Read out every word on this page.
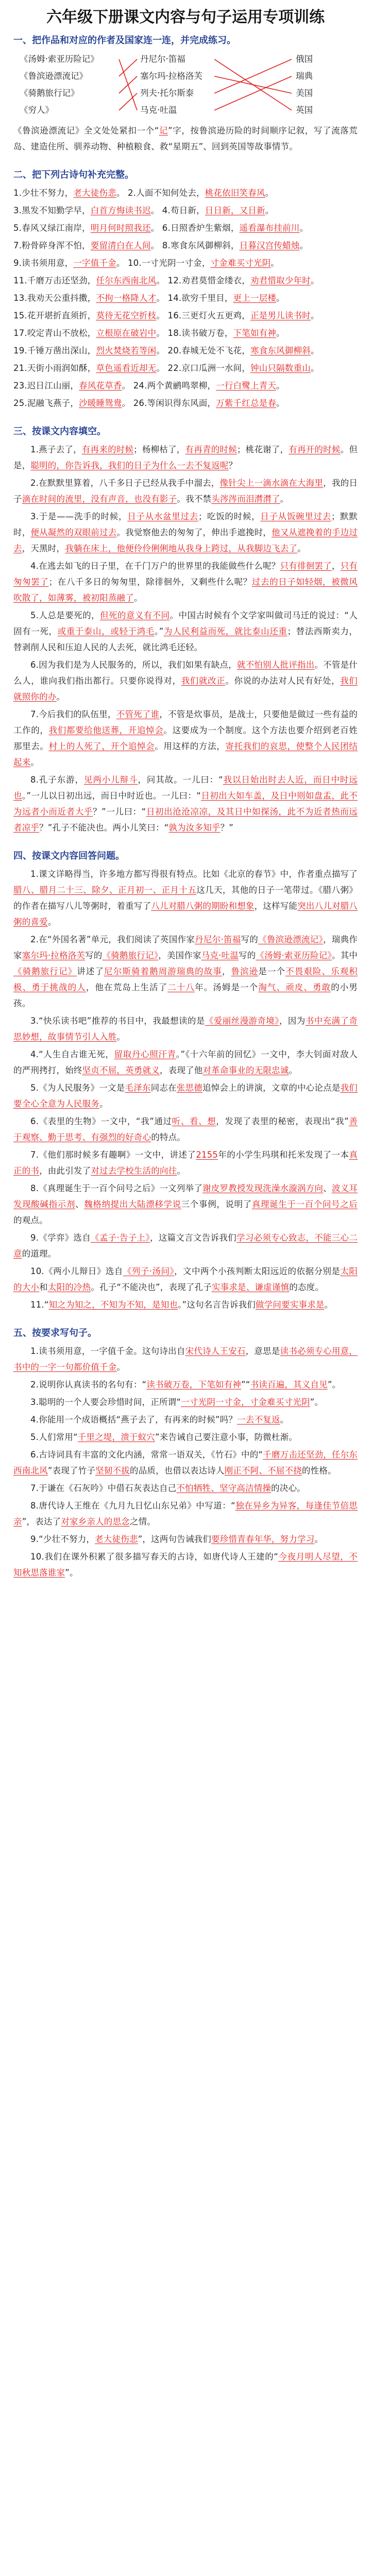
六年级下册课文内容与句子运用专项训练
一、把作品和对应的作者及国家连一连，并完成练习。
《汤姆·索亚历险记》
《鲁滨逊漂流记》
《骑鹅旅行记》
《穷人》
丹尼尔·笛福
塞尔玛·拉格洛芙
列夫·托尔斯泰
马克·吐温
俄国
瑞典
美国
英国

《鲁滨逊漂流记》全文处处紧扣一个“记”字，按鲁滨逊历险的时间顺序记叙，写了流落荒岛、建造住所、驯养动物、种植粮食、救“星期五”、回到英国等故事情节。

二、把下列古诗句补充完整。

1.少壮不努力，老大徒伤悲。 2.人面不知何处去，桃花依旧笑春风。

3.黑发不知勤学早，白首方悔读书迟。 4.苟日新，日日新，又日新。

5.春风又绿江南岸，明月何时照我还。 6.日照香炉生紫烟，遥看瀑布挂前川。

7.粉骨碎身浑不怕，要留清白在人间。 8.寒食东风御柳斜，日暮汉宫传蜡烛。

9.读书须用意，一字值千金。 10.一寸光阴一寸金，寸金难买寸光阴。

11.千磨万击还坚劲，任尔东西南北风。 12.劝君莫惜金缕衣，劝君惜取少年时。

13.我劝天公重抖擞，不拘一格降人才。 14.欲穷千里目，更上一层楼。

15.花开堪折直须折，莫待无花空折枝。 16.三更灯火五更鸡，正是男儿读书时。

17.咬定青山不放松，立根原在破岩中。 18.读书破万卷，下笔如有神。

19.千锤万凿出深山，烈火焚烧若等闲。 20.春城无处不飞花，寒食东风御柳斜。

21.天街小雨润如酥，草色遥看近却无。 22.京口瓜洲一水间，钟山只隔数重山。

23.迟日江山丽，春风花草香。 24.两个黄鹂鸣翠柳，一行白鹭上青天。

25.泥融飞燕子，沙暖睡鸳鸯。 26.等闲识得东风面，万紫千红总是春。

三、按课文内容填空。

1.燕子去了，有再来的时候；杨柳枯了，有再青的时候；桃花谢了，有再开的时候。但是，聪明的，你告诉我，我们的日子为什么一去不复返呢？

2.在默默里算着，八千多日子已经从我手中溜去，像针尖上一滴水滴在大海里，我的日子滴在时间的流里，没有声音，也没有影子。我不禁头涔涔而泪潸潸了。

3.于是——洗手的时候，日子从水盆里过去；吃饭的时候，日子从饭碗里过去；默默时，便从凝然的双眼前过去。我觉察他去的匆匆了，伸出手遮挽时，他又从遮挽着的手边过去，天黑时，我躺在床上，他便伶伶俐俐地从我身上跨过，从我脚边飞去了。

4.在逃去如飞的日子里，在千门万户的世界里的我能做些什么呢？只有徘徊罢了，只有匆匆罢了；在八千多日的匆匆里，除徘徊外，又剩些什么呢？过去的日子如轻烟，被微风吹散了，如薄雾，被初阳蒸融了。

5.人总是要死的，但死的意义有不同。中国古时候有个文学家叫做司马迁的说过：“人固有一死，或重于泰山，或轻于鸿毛。”为人民利益而死，就比泰山还重；替法西斯卖力，替剥削人民和压迫人民的人去死，就比鸿毛还轻。

6.因为我们是为人民服务的，所以，我们如果有缺点，就不怕别人批评指出。不管是什么人，谁向我们指出都行。只要你说得对，我们就改正。你说的办法对人民有好处，我们就照你的办。

7.今后我们的队伍里，不管死了谁，不管是炊事员，是战士，只要他是做过一些有益的工作的，我们都要给他送葬，开追悼会。这要成为一个制度。这个方法也要介绍到老百姓那里去。村上的人死了，开个追悼会。用这样的方法，寄托我们的哀思，使整个人民团结起来。

8.孔子东游，见两小儿辩斗，问其故。一儿曰：“我以日始出时去人近，而日中时远也。”一儿以日初出远，而日中时近也。一儿曰：“日初出大如车盖，及日中则如盘盂，此不为远者小而近者大乎？”一儿曰：“日初出沧沧凉凉，及其日中如探汤，此不为近者热而远者凉乎？”孔子不能决也。两小儿笑曰：“孰为汝多知乎？”

四、按课文内容回答问题。

1.课文详略得当，许多地方都写得很有特点。比如《北京的春节》中，作者重点描写了腊八、腊月二十三、除夕、正月初一、正月十五这几天，其他的日子一笔带过。《腊八粥》的作者在描写八儿等粥时，着重写了八儿对腊八粥的期盼和想象，这样写能突出八儿对腊八粥的喜爱。

2.在“外国名著”单元，我们阅读了英国作家丹尼尔·笛福写的《鲁滨逊漂流记》，瑞典作家塞尔玛·拉格洛芙写的《骑鹅旅行记》，美国作家马克·吐温写的《汤姆·索亚历险记》。其中《骑鹅旅行记》讲述了尼尔斯骑着鹅周游瑞典的故事，鲁滨逊是一个不畏艰险、乐观积极、勇于挑战的人，他在荒岛上生活了二十八年。汤姆是一个淘气、顽皮、勇敢的小男孩。

3.“快乐读书吧”推荐的书目中，我最想读的是《爱丽丝漫游奇境》，因为书中充满了奇思妙想，故事情节引人入胜。

4.“人生自古谁无死，留取丹心照汗青。”《十六年前的回忆》一文中，李大钊面对敌人的严刑拷打，始终坚贞不屈，英勇就义，表现了他对革命事业的无限忠诚。

5.《为人民服务》一文是毛泽东同志在张思德追悼会上的讲演，文章的中心论点是我们要全心全意为人民服务。

6.《表里的生物》一文中，“我”通过听、看、想，发现了表里的秘密，表现出“我”善于观察、勤于思考、有强烈的好奇心的特点。

7.《他们那时候多有趣啊》一文中，讲述了2155年的小学生玛琪和托米发现了一本真正的书，由此引发了对过去学校生活的向往。

8.《真理诞生于一百个问号之后》一文列举了谢皮罗教授发现洗澡水漩涡方向、波义耳发现酸碱指示剂、魏格纳提出大陆漂移学说三个事例，说明了真理诞生于一百个问号之后的观点。

9.《学弈》选自《孟子·告子上》，这篇文言文告诉我们学习必须专心致志，不能三心二意的道理。

10.《两小儿辩日》选自《列子·汤问》，文中两个小孩判断太阳远近的依据分别是太阳的大小和太阳的冷热。孔子“不能决也”，表现了孔子实事求是、谦虚谨慎的态度。

11.“知之为知之，不知为不知，是知也。”这句名言告诉我们做学问要实事求是。

五、按要求写句子。

1.读书须用意，一字值千金。这句诗出自宋代诗人王安石，意思是读书必须专心用意，书中的一字一句都价值千金。

2.说明你认真读书的名句有：“读书破万卷，下笔如有神”“书读百遍，其义自见”。

3.聪明的一个人要会珍惜时间，正所谓“一寸光阴一寸金，寸金难买寸光阴”。

4.你能用一个成语概括“燕子去了，有再来的时候”吗？一去不复返。

5.人们常用“千里之堤，溃于蚁穴”来告诫自己要注意小事，防微杜渐。

6.古诗词具有丰富的文化内涵，常常一语双关，《竹石》中的“千磨万击还坚劲，任尔东西南北风”表现了竹子坚韧不拔的品质，也借以表达诗人刚正不阿、不屈不挠的性格。

7.于谦在《石灰吟》中借石灰表达自己不怕牺牲、坚守高洁情操的决心。

8.唐代诗人王维在《九月九日忆山东兄弟》中写道：“独在异乡为异客，每逢佳节倍思亲”，表达了对家乡亲人的思念之情。

9.“少壮不努力，老大徒伤悲”，这两句告诫我们要珍惜青春年华，努力学习。

10.我们在课外积累了很多描写春天的古诗，如唐代诗人王建的“今夜月明人尽望，不知秋思落谁家”。
